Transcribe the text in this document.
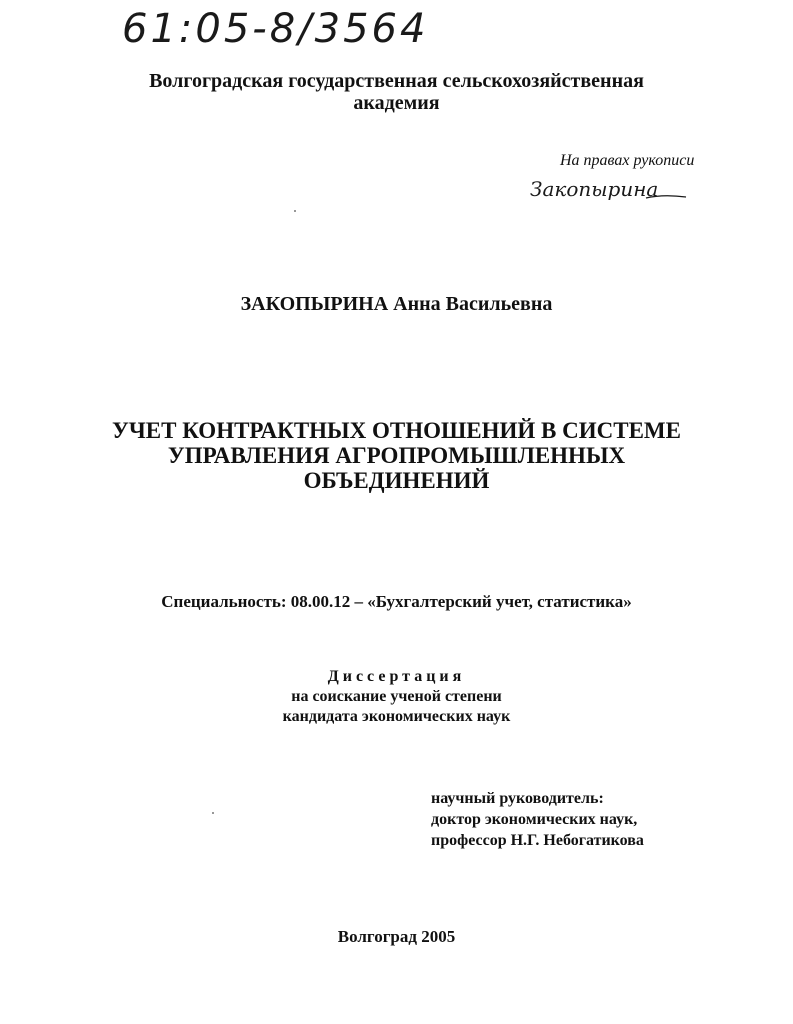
61:05-8/3564
Волгоградская государственная сельскохозяйственная
академия
На правах рукописи
Закопырина
ЗАКОПЫРИНА Анна Васильевна
УЧЕТ КОНТРАКТНЫХ ОТНОШЕНИЙ В СИСТЕМЕ
УПРАВЛЕНИЯ АГРОПРОМЫШЛЕННЫХ
ОБЪЕДИНЕНИЙ
Специальность: 08.00.12 – «Бухгалтерский учет, статистика»
Диссертация
на соискание ученой степени
кандидата экономических наук
научный руководитель:
доктор экономических наук,
профессор Н.Г. Небогатикова
Волгоград 2005
